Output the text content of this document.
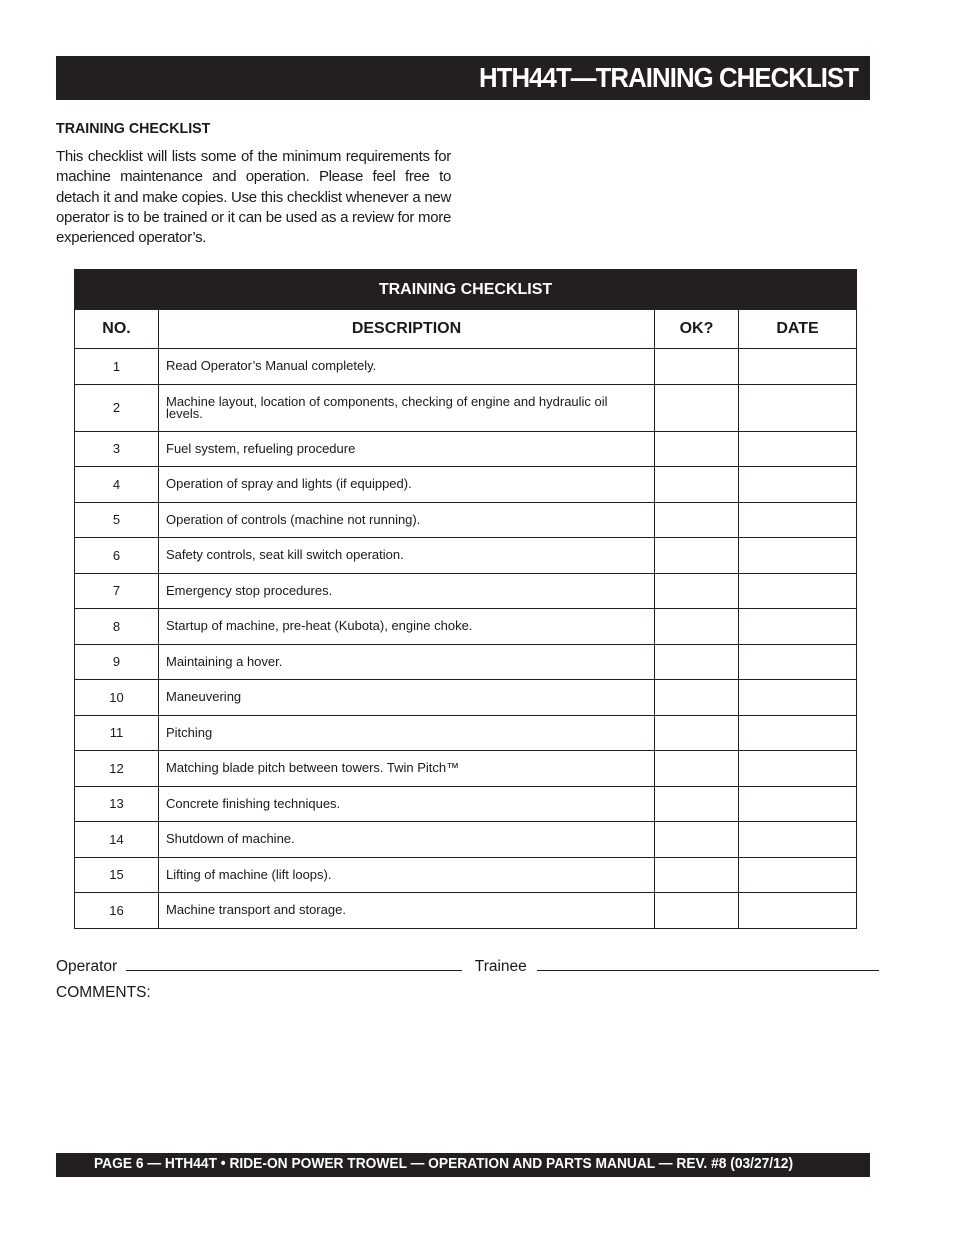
HTH44T—TRAINING CHECKLIST
TRAINING CHECKLIST
This checklist will lists some of the minimum requirements for machine maintenance and operation. Please feel free to detach it and make copies. Use this checklist whenever a new operator is to be trained or it can be used as a review for more experienced operator’s.
TRAINING CHECKLIST			
NO.	DESCRIPTION	OK?	DATE
1	Read Operator’s Manual completely.		
2	Machine layout, location of components, checking of engine and hydraulic oil levels.		
3	Fuel system, refueling procedure		
4	Operation of spray and lights (if equipped).		
5	Operation of controls (machine not running).		
6	Safety controls, seat kill switch operation.		
7	Emergency stop procedures.		
8	Startup of machine, pre-heat (Kubota), engine choke.		
9	Maintaining a hover.		
10	Maneuvering		
11	Pitching		
12	Matching blade pitch between towers. Twin Pitch™		
13	Concrete finishing techniques.		
14	Shutdown of machine.		
15	Lifting of machine (lift loops).		
16	Machine transport and storage.		
Operator	Trainee
COMMENTS:
PAGE 6 — HTH44T • RIDE-ON POWER TROWEL — OPERATION AND PARTS MANUAL — REV. #8 (03/27/12)
